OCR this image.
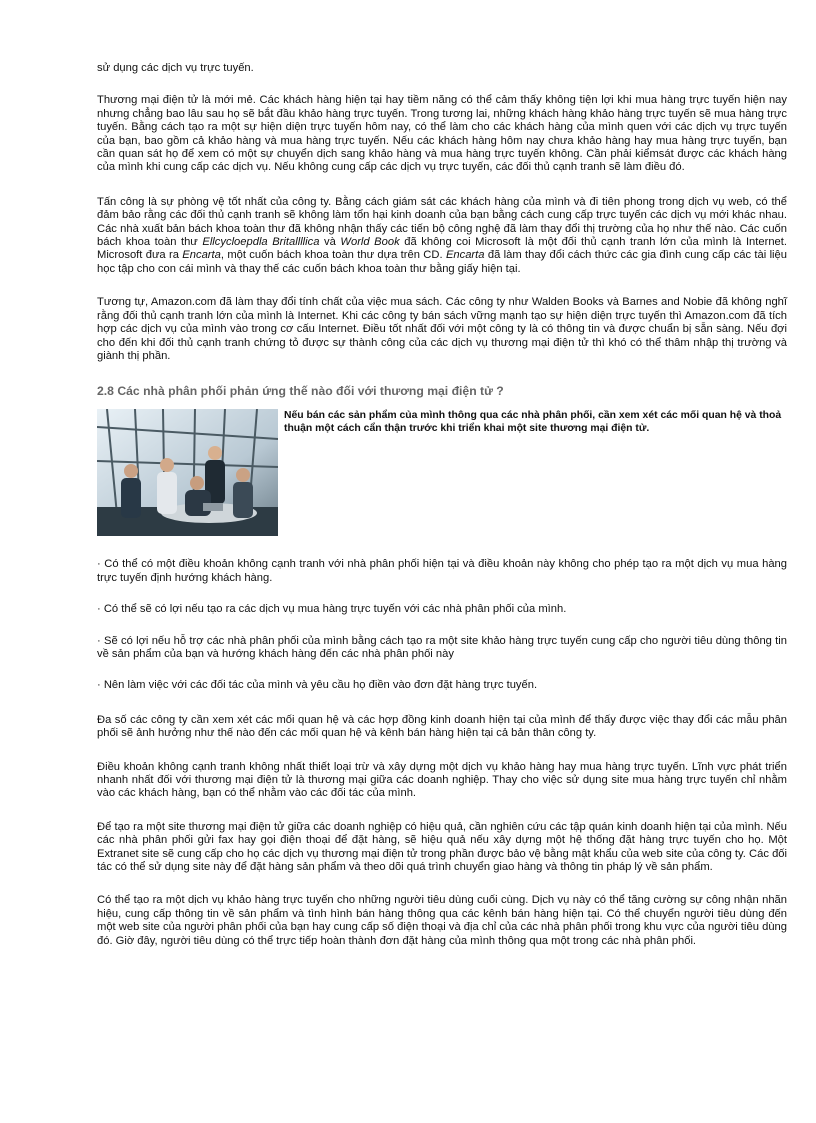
sử dụng các dịch vụ trực tuyến.

Thương mại điện tử là mới mẻ. Các khách hàng hiện tại hay tiềm năng có thể cảm thấy không tiện lợi khi mua hàng trực tuyến hiện nay nhưng chẳng bao lâu sau họ sẽ bắt đầu khảo hàng trực tuyến. Trong tương lai, những khách hàng khảo hàng trực tuyến sẽ mua hàng trực tuyến. Bằng cách tạo ra một sự hiện diện trực tuyến hôm nay, có thể làm cho các khách hàng của mình quen với các dịch vụ trực tuyến của bạn, bao gồm cả khảo hàng và mua hàng trực tuyến. Nếu các khách hàng hôm nay chưa khảo hàng hay mua hàng trực tuyến, bạn cần quan sát họ để xem có một sự chuyển dịch sang khảo hàng và mua hàng trực tuyến không. Cần phải kiểmsát được các khách hàng của mình khi cung cấp các dịch vụ. Nếu không cung cấp các dịch vụ trực tuyến, các đối thủ cạnh tranh sẽ làm điều đó.

Tấn công là sự phòng vệ tốt nhất của công ty. Bằng cách giám sát các khách hàng của mình và đi tiên phong trong dịch vụ web, có thể đảm bảo rằng các đối thủ cạnh tranh sẽ không làm tổn hại kinh doanh của bạn bằng cách cung cấp trực tuyến các dịch vụ mới khác nhau. Các nhà xuất bản bách khoa toàn thư đã không nhận thấy các tiến bộ công nghệ đã làm thay đổi thị trường của họ như thế nào. Các cuốn bách khoa toàn thư Ellcycloepdla Britallllica và World Book đã không coi Microsoft là một đối thủ cạnh tranh lớn của mình là Internet. Microsoft đưa ra Encarta, một cuốn bách khoa toàn thư dựa trên CD. Encarta đã làm thay đổi cách thức các gia đình cung cấp các tài liệu học tập cho con cái mình và thay thế các cuốn bách khoa toàn thư bằng giấy hiện tại.

Tương tự, Amazon.com đã làm thay đổi tính chất của việc mua sách. Các công ty như Walden Books và Barnes and Nobie đã không nghĩ rằng đối thủ cạnh tranh lớn của mình là Internet. Khi các công ty bán sách vững mạnh tạo sự hiện diện trực tuyến thì Amazon.com đã tích hợp các dịch vụ của mình vào trong cơ cấu Internet. Điều tốt nhất đối với một công ty là có thông tin và được chuẩn bị sẵn sàng. Nếu đợi cho đến khi đối thủ cạnh tranh chứng tỏ được sự thành công của các dịch vụ thương mại điện tử thì khó có thể thâm nhập thị trường và giành thị phần.

2.8 Các nhà phân phối phản ứng thế nào đối với thương mại điện tử ?
Nếu bán các sản phẩm của mình thông qua các nhà phân phối, cần xem xét các mối quan hệ và thoả thuận một cách cẩn thận trước khi triển khai một site thương mại điện tử.

· Có thể có một điều khoản không cạnh tranh với nhà phân phối hiện tại và điều khoản này không cho phép tạo ra một dịch vụ mua hàng trực tuyến định hướng khách hàng.

· Có thể sẽ có lợi nếu tạo ra các dịch vụ mua hàng trực tuyến với các nhà phân phối của mình.

· Sẽ có lợi nếu hỗ trợ các nhà phân phối của mình bằng cách tạo ra một site khảo hàng trực tuyến cung cấp cho người tiêu dùng thông tin về sản phẩm của bạn và hướng khách hàng đến các nhà phân phối này

· Nên làm việc với các đối tác của mình và yêu cầu họ điền vào đơn đặt hàng trực tuyến.

Đa số các công ty cần xem xét các mối quan hệ và các hợp đồng kinh doanh hiện tại của mình để thấy được việc thay đổi các mẫu phân phối sẽ ảnh hưởng như thế nào đến các mối quan hệ và kênh bán hàng hiện tại cả bản thân công ty.

Điều khoản không cạnh tranh không nhất thiết loại trừ và xây dựng một dịch vụ khảo hàng hay mua hàng trực tuyến. Lĩnh vực phát triển nhanh nhất đối với thương mại điện tử là thương mại giữa các doanh nghiệp. Thay cho việc sử dụng site mua hàng trực tuyến chỉ nhằm vào các khách hàng, bạn có thể nhằm vào các đối tác của mình.

Để tạo ra một site thương mại điện tử giữa các doanh nghiệp có hiệu quả, cần nghiên cứu các tập quán kinh doanh hiện tại của mình. Nếu các nhà phân phối gửi fax hay gọi điện thoại để đặt hàng, sẽ hiệu quả nếu xây dựng một hệ thống đặt hàng trực tuyến cho họ. Một Extranet site sẽ cung cấp cho họ các dịch vụ thương mại điện tử trong phần được bảo vệ bằng mật khẩu của web site của công ty. Các đối tác có thể sử dụng site này để đặt hàng sản phẩm và theo dõi quá trình chuyển giao hàng và thông tin pháp lý về sản phẩm.

Có thể tạo ra một dịch vụ khảo hàng trực tuyến cho những người tiêu dùng cuối cùng. Dịch vụ này có thể tăng cường sự công nhận nhãn hiệu, cung cấp thông tin về sản phẩm và tình hình bán hàng thông qua các kênh bán hàng hiện tại. Có thể chuyển người tiêu dùng đến một web site của người phân phối của bạn hay cung cấp số điện thoại và địa chỉ của các nhà phân phối trong khu vực của người tiêu dùng đó. Giờ đây, người tiêu dùng có thể trực tiếp hoàn thành đơn đặt hàng của mình thông qua một trong các nhà phân phối.
